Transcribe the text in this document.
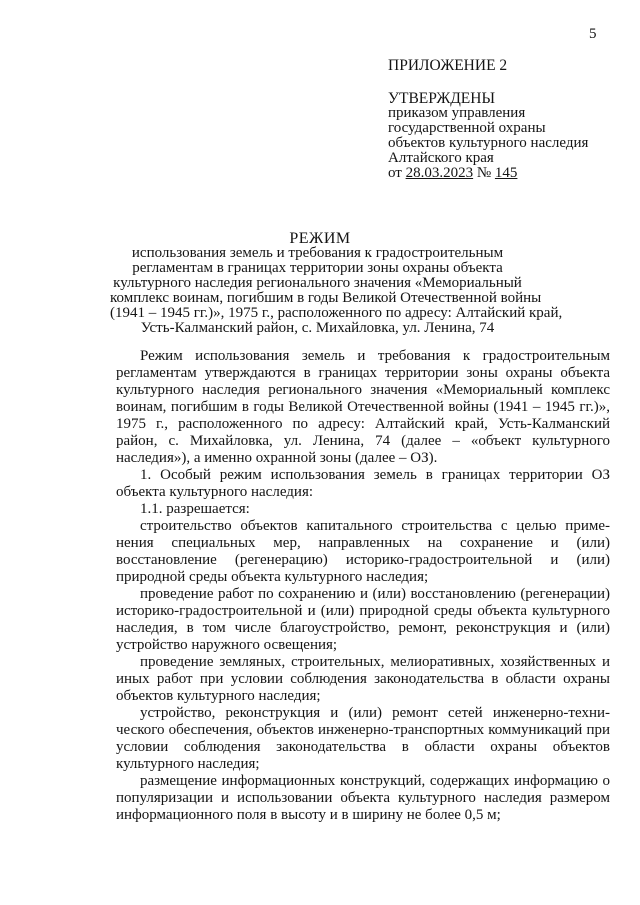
5

ПРИЛОЖЕНИЕ 2

УТВЕРЖДЕНЫ

приказом управления

государственной охраны

объектов культурного наследия

Алтайского края

от 28.03.2023 № 145

РЕЖИМ

использования земель и требования к градостроительным

регламентам в границах территории зоны охраны объекта

культурного наследия регионального значения «Мемориальный

комплекс воинам, погибшим в годы Великой Отечественной войны

(1941 – 1945 гг.)», 1975 г., расположенного по адресу: Алтайский край,

Усть-Калманский район, с. Михайловка, ул. Ленина, 74

Режим использования земель и требования к градостроительным регламентам утверждаются в границах территории зоны охраны объекта культурного наследия регионального значения «Мемориальный комплекс воинам, погибшим в годы Великой Отечественной войны (1941 – 1945 гг.)», 1975 г., расположенного по адресу: Алтайский край, Усть-Калманский район, с. Михайловка, ул. Ленина, 74 (далее – «объект культурного наследия»), а именно охранной зоны (далее – ОЗ).

1. Особый режим использования земель в границах территории ОЗ объекта культурного наследия:

1.1. разрешается:

строительство объектов капитального строительства с целью применения специальных мер, направленных на сохранение и (или) восстановление (регенерацию) историко-градостроительной и (или) природной среды объекта культурного наследия;

проведение работ по сохранению и (или) восстановлению (регенерации) историко-градостроительной и (или) природной среды объекта культурного наследия, в том числе благоустройство, ремонт, реконструкция и (или) устройство наружного освещения;

проведение земляных, строительных, мелиоративных, хозяйственных и иных работ при условии соблюдения законодательства в области охраны объектов культурного наследия;

устройство, реконструкция и (или) ремонт сетей инженерно-технического обеспечения, объектов инженерно-транспортных коммуникаций при условии соблюдения законодательства в области охраны объектов культурного наследия;

размещение информационных конструкций, содержащих информацию о популяризации и использовании объекта культурного наследия размером информационного поля в высоту и в ширину не более 0,5 м;
